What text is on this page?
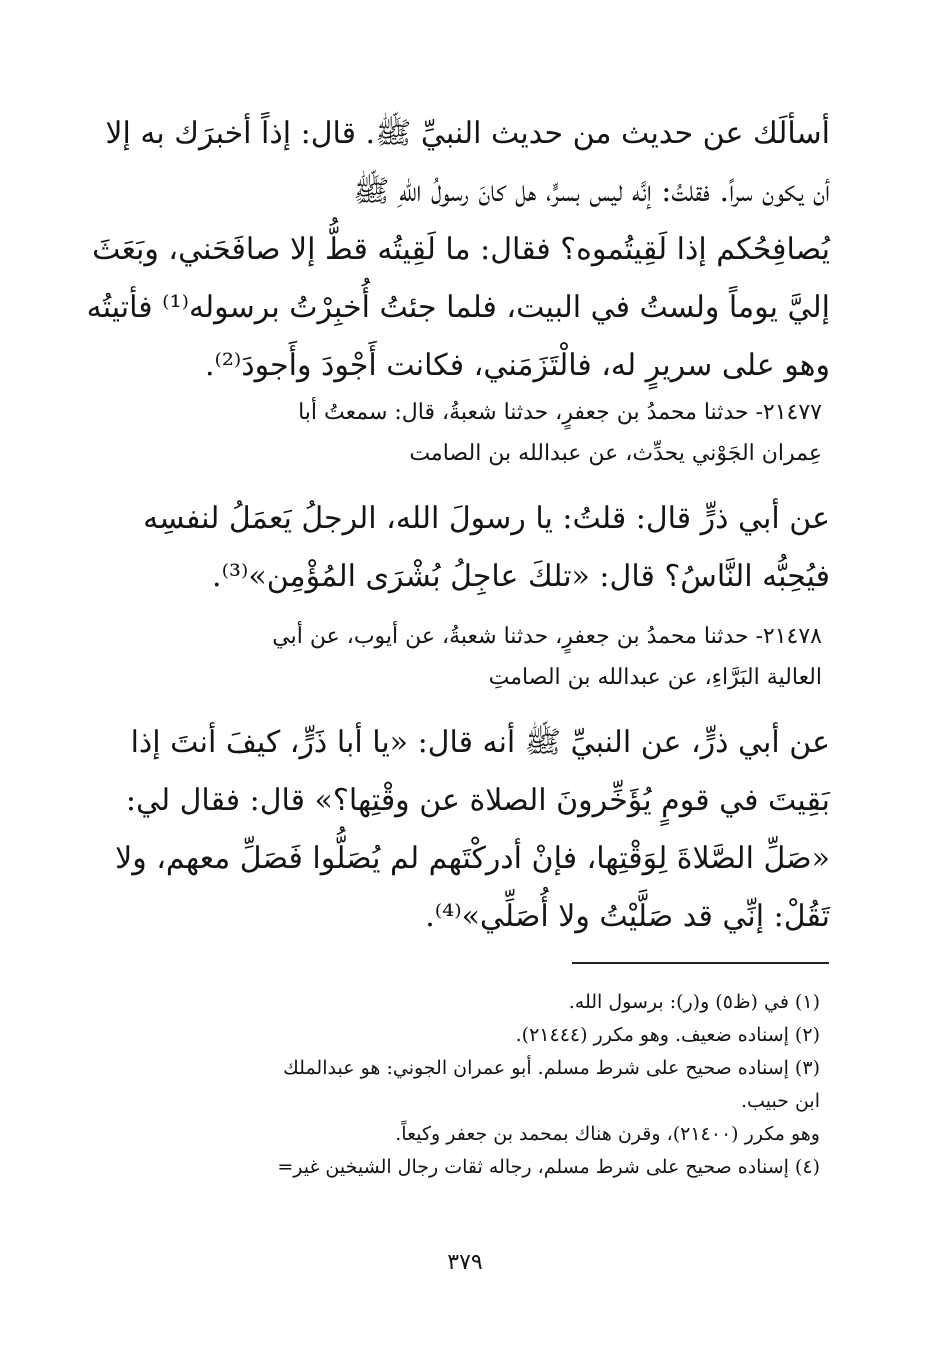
أسألَك عن حديث من حديث النبيِّ ﷺ. قال: إذاً أخبرَك به إلا
أن يكون سراً. فقلتُ: إنَّه ليس بسرٍّ، هل كانَ رسولُ اللهِ ﷺ
يُصافِحُكم إذا لَقِيتُموه؟ فقال: ما لَقِيتُه قطُّ إلا صافَحَني، وبَعَثَ
إليَّ يوماً ولستُ في البيت، فلما جئتُ أُخبِرْتُ برسوله⁽¹⁾ فأتيتُه
وهو على سريرٍ له، فالْتَزَمَني، فكانت أَجْودَ وأَجودَ⁽²⁾.
٢١٤٧٧- حدثنا محمدُ بن جعفرٍ، حدثنا شعبةُ، قال: سمعتُ أبا
عِمران الجَوْني يحدِّث، عن عبدالله بن الصامت
عن أبي ذرٍّ قال: قلتُ: يا رسولَ الله، الرجلُ يَعمَلُ لنفسِه
فيُحِبُّه النَّاسُ؟ قال: «تلكَ عاجِلُ بُشْرَى المُؤْمِن»⁽³⁾.
٢١٤٧٨- حدثنا محمدُ بن جعفرٍ، حدثنا شعبةُ، عن أيوب، عن أبي
العالية البَرَّاءِ، عن عبدالله بن الصامتِ
عن أبي ذرٍّ، عن النبيِّ ﷺ أنه قال: «يا أبا ذَرٍّ، كيفَ أنتَ إذا
بَقِيتَ في قومٍ يُؤَخِّرونَ الصلاة عن وقْتِها؟» قال: فقال لي:
«صَلِّ الصَّلاةَ لِوَقْتِها، فإنْ أدركْتَهم لم يُصَلُّوا فَصَلِّ معهم، ولا
تَقُلْ: إنِّي قد صَلَّيْتُ ولا أُصَلِّي»⁽⁴⁾.
(١) في (ظ٥) و(ر): برسول الله.
(٢) إسناده ضعيف. وهو مكرر (٢١٤٤٤).
(٣) إسناده صحيح على شرط مسلم. أبو عمران الجوني: هو عبدالملك
ابن حبيب.
وهو مكرر (٢١٤٠٠)، وقرن هناك بمحمد بن جعفر وكيعاً.
(٤) إسناده صحيح على شرط مسلم، رجاله ثقات رجال الشيخين غير=
٣٧٩
